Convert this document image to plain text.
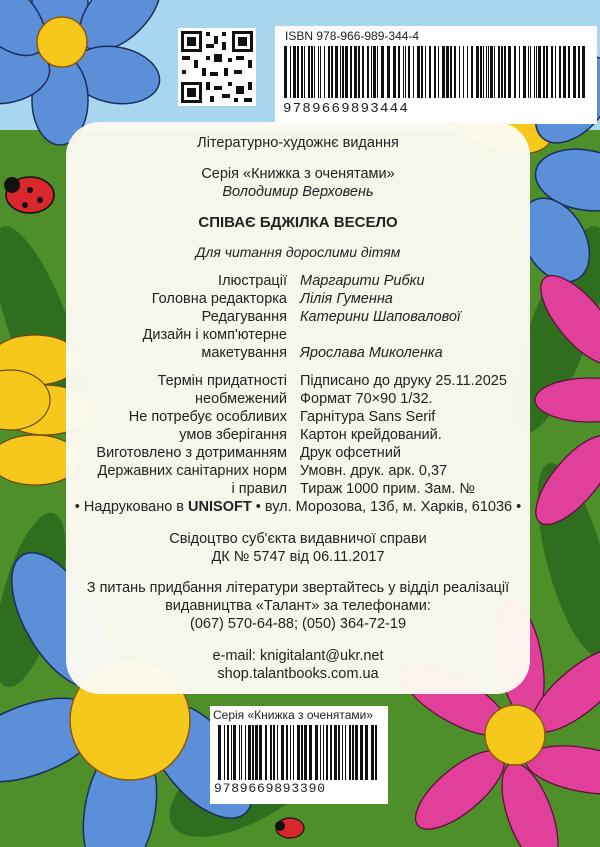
ISBN 978-966-989-344-4
9789669893444
Літературно-художнє видання
Серія «Книжка з оченятами»
Володимир Верховень
СПІВАЄ БДЖІЛКА ВЕСЕЛО
Для читання дорослими дітям
Ілюстрації Маргарити Рибки
Головна редакторка Лілія Гуменна
Редагування Катерини Шаповалової
Дизайн і комп'ютерне
макетування Ярослава Миколенка
Термін придатності Підписано до друку 25.11.2025
необмежений Формат 70×90 1/32.
Не потребує особливих Гарнітура Sans Serif
умов зберігання Картон крейдований.
Виготовлено з дотриманням Друк офсетний
Державних санітарних норм Умовн. друк. арк. 0,37
і правил Тираж 1000 прим. Зам. №
• Надруковано в UNISOFT • вул. Морозова, 13б, м. Харків, 61036 •
Свідоцтво суб'єкта видавничої справи
ДК № 5747 від 06.11.2017
З питань придбання літератури звертайтесь у відділ реалізації
видавництва «Талант» за телефонами:
(067) 570-64-88; (050) 364-72-19
e-mail: knigitalant@ukr.net
shop.talantbooks.com.ua
Серія «Книжка з оченятами»
9789669893390
